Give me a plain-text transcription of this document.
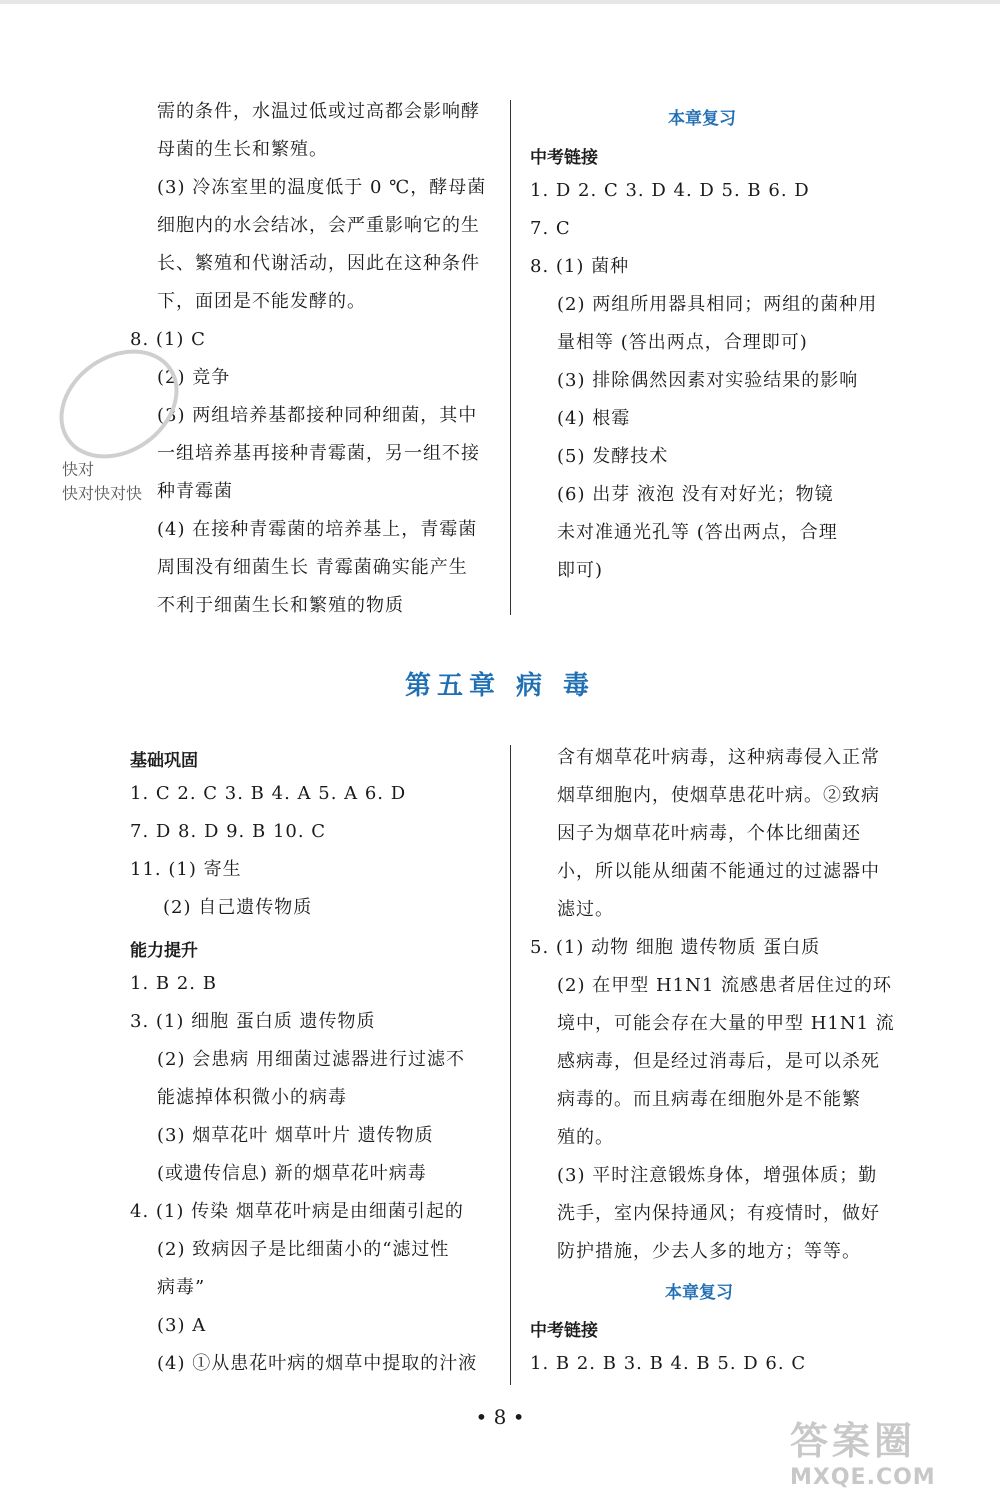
需的条件，水温过低或过高都会影响酵
母菌的生长和繁殖。
(3) 冷冻室里的温度低于 0 ℃，酵母菌
细胞内的水会结冰，会严重影响它的生
长、繁殖和代谢活动，因此在这种条件
下，面团是不能发酵的。
8. (1) C
(2) 竞争
(3) 两组培养基都接种同种细菌，其中
一组培养基再接种青霉菌，另一组不接
种青霉菌
(4) 在接种青霉菌的培养基上，青霉菌
周围没有细菌生长 青霉菌确实能产生
不利于细菌生长和繁殖的物质
快对
快对快对快
本章复习
中考链接
1. D 2. C 3. D 4. D 5. B 6. D
7. C
8. (1) 菌种
(2) 两组所用器具相同；两组的菌种用
量相等 (答出两点，合理即可)
(3) 排除偶然因素对实验结果的影响
(4) 根霉
(5) 发酵技术
(6) 出芽 液泡 没有对好光；物镜
未对准通光孔等 (答出两点，合理
即可)
第五章 病 毒
基础巩固
1. C 2. C 3. B 4. A 5. A 6. D
7. D 8. D 9. B 10. C
11. (1) 寄生
(2) 自己遗传物质
能力提升
1. B 2. B
3. (1) 细胞 蛋白质 遗传物质
(2) 会患病 用细菌过滤器进行过滤不
能滤掉体积微小的病毒
(3) 烟草花叶 烟草叶片 遗传物质
(或遗传信息) 新的烟草花叶病毒
4. (1) 传染 烟草花叶病是由细菌引起的
(2) 致病因子是比细菌小的“滤过性
病毒”
(3) A
(4) ①从患花叶病的烟草中提取的汁液
含有烟草花叶病毒，这种病毒侵入正常
烟草细胞内，使烟草患花叶病。②致病
因子为烟草花叶病毒，个体比细菌还
小，所以能从细菌不能通过的过滤器中
滤过。
5. (1) 动物 细胞 遗传物质 蛋白质
(2) 在甲型 H1N1 流感患者居住过的环
境中，可能会存在大量的甲型 H1N1 流
感病毒，但是经过消毒后，是可以杀死
病毒的。而且病毒在细胞外是不能繁
殖的。
(3) 平时注意锻炼身体，增强体质；勤
洗手，室内保持通风；有疫情时，做好
防护措施，少去人多的地方；等等。
本章复习
中考链接
1. B 2. B 3. B 4. B 5. D 6. C
• 8 •
答案圈
MXQE.COM
